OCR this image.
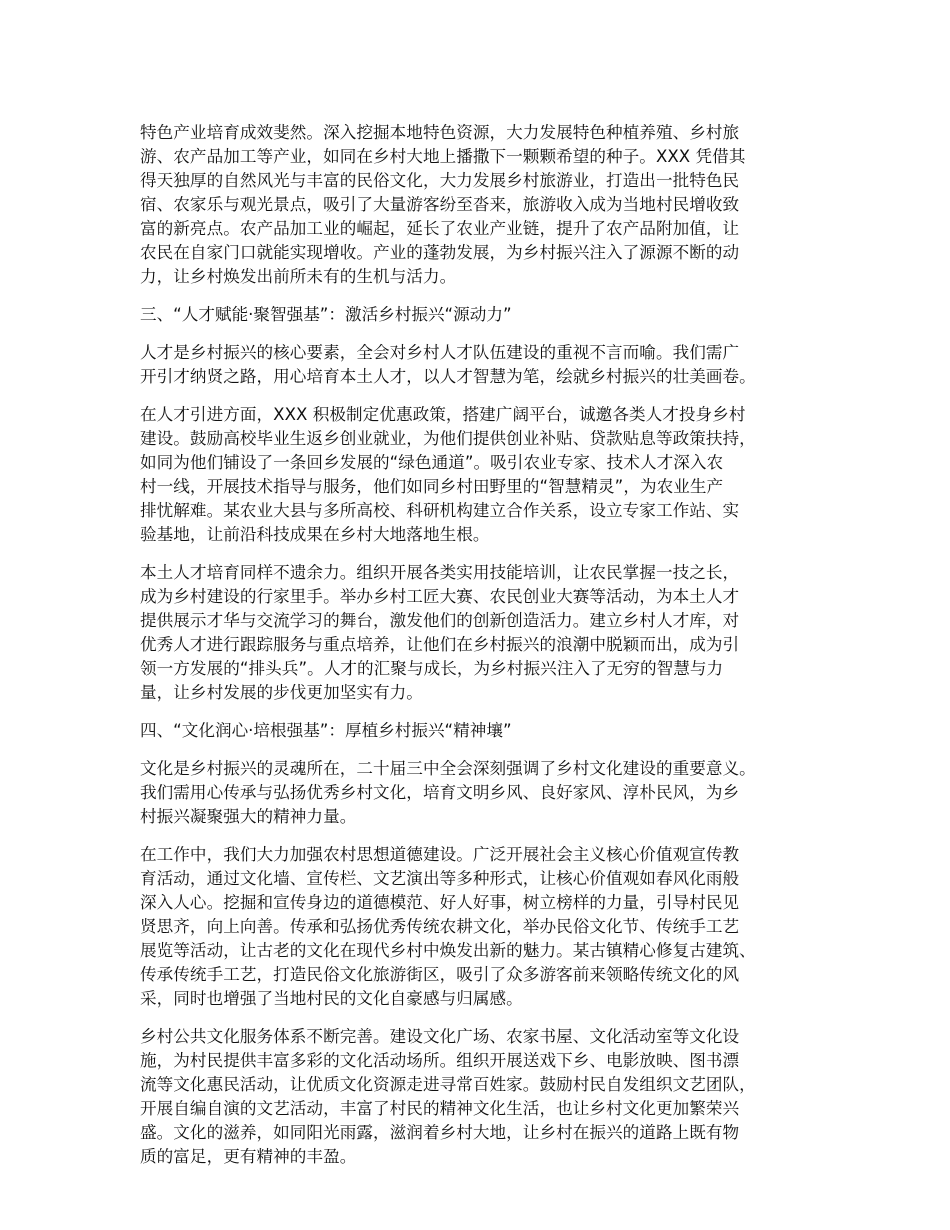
特色产业培育成效斐然。深入挖掘本地特色资源，大力发展特色种植养殖、乡村旅
游、农产品加工等产业，如同在乡村大地上播撒下一颗颗希望的种子。XXX 凭借其
得天独厚的自然风光与丰富的民俗文化，大力发展乡村旅游业，打造出一批特色民
宿、农家乐与观光景点，吸引了大量游客纷至沓来，旅游收入成为当地村民增收致
富的新亮点。农产品加工业的崛起，延长了农业产业链，提升了农产品附加值，让
农民在自家门口就能实现增收。产业的蓬勃发展，为乡村振兴注入了源源不断的动
力，让乡村焕发出前所未有的生机与活力。

三、“人才赋能·聚智强基”：激活乡村振兴“源动力”

人才是乡村振兴的核心要素，全会对乡村人才队伍建设的重视不言而喻。我们需广
开引才纳贤之路，用心培育本土人才，以人才智慧为笔，绘就乡村振兴的壮美画卷。

在人才引进方面，XXX 积极制定优惠政策，搭建广阔平台，诚邀各类人才投身乡村
建设。鼓励高校毕业生返乡创业就业，为他们提供创业补贴、贷款贴息等政策扶持，
如同为他们铺设了一条回乡发展的“绿色通道”。吸引农业专家、技术人才深入农
村一线，开展技术指导与服务，他们如同乡村田野里的“智慧精灵”，为农业生产
排忧解难。某农业大县与多所高校、科研机构建立合作关系，设立专家工作站、实
验基地，让前沿科技成果在乡村大地落地生根。

本土人才培育同样不遗余力。组织开展各类实用技能培训，让农民掌握一技之长，
成为乡村建设的行家里手。举办乡村工匠大赛、农民创业大赛等活动，为本土人才
提供展示才华与交流学习的舞台，激发他们的创新创造活力。建立乡村人才库，对
优秀人才进行跟踪服务与重点培养，让他们在乡村振兴的浪潮中脱颖而出，成为引
领一方发展的“排头兵”。人才的汇聚与成长，为乡村振兴注入了无穷的智慧与力
量，让乡村发展的步伐更加坚实有力。

四、“文化润心·培根强基”：厚植乡村振兴“精神壤”

文化是乡村振兴的灵魂所在，二十届三中全会深刻强调了乡村文化建设的重要意义。
我们需用心传承与弘扬优秀乡村文化，培育文明乡风、良好家风、淳朴民风，为乡
村振兴凝聚强大的精神力量。

在工作中，我们大力加强农村思想道德建设。广泛开展社会主义核心价值观宣传教
育活动，通过文化墙、宣传栏、文艺演出等多种形式，让核心价值观如春风化雨般
深入人心。挖掘和宣传身边的道德模范、好人好事，树立榜样的力量，引导村民见
贤思齐，向上向善。传承和弘扬优秀传统农耕文化，举办民俗文化节、传统手工艺
展览等活动，让古老的文化在现代乡村中焕发出新的魅力。某古镇精心修复古建筑、
传承传统手工艺，打造民俗文化旅游街区，吸引了众多游客前来领略传统文化的风
采，同时也增强了当地村民的文化自豪感与归属感。

乡村公共文化服务体系不断完善。建设文化广场、农家书屋、文化活动室等文化设
施，为村民提供丰富多彩的文化活动场所。组织开展送戏下乡、电影放映、图书漂
流等文化惠民活动，让优质文化资源走进寻常百姓家。鼓励村民自发组织文艺团队，
开展自编自演的文艺活动，丰富了村民的精神文化生活，也让乡村文化更加繁荣兴
盛。文化的滋养，如同阳光雨露，滋润着乡村大地，让乡村在振兴的道路上既有物
质的富足，更有精神的丰盈。
